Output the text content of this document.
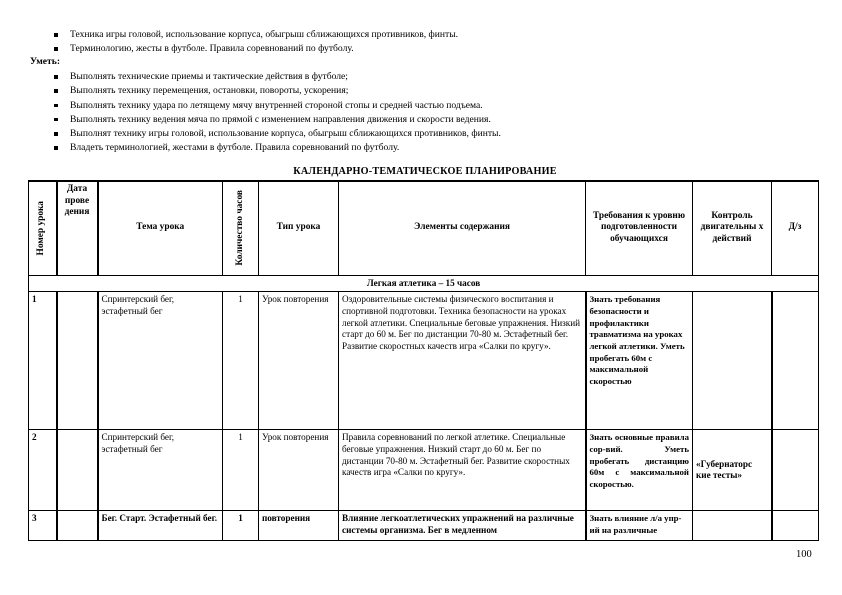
Техника игры головой, использование корпуса, обыгрыш сближающихся противников, финты.
Терминологию, жесты в футболе. Правила соревнований по футболу.
Уметь:
Выполнять технические приемы и тактические действия в футболе;
Выполнять технику перемещения, остановки, повороты, ускорения;
Выполнять технику удара по летящему мячу внутренней стороной стопы и средней частью подъема.
Выполнять технику ведения мяча по прямой с изменением направления движения и скорости ведения.
Выполнят технику игры головой, использование корпуса, обыгрыш сближающихся противников, финты.
Владеть терминологией, жестами в футболе. Правила соревнований по футболу.
КАЛЕНДАРНО-ТЕМАТИЧЕСКОЕ ПЛАНИРОВАНИЕ
Номер урока	Дата прове дения	Тема урока	Количество часов	Тип урока	Элементы содержания	Требования к уровню подготовленности обучающихся	Контроль двигательны х действий	Д/з
Легкая атлетика – 15 часов								
1		Спринтерский бег, эстафетный бег	1	Урок повторения	Оздоровительные системы физического воспитания и спортивной подготовки. Техника безопасности на уроках легкой атлетики. Специальные беговые упражнения. Низкий старт до 60 м. Бег по дистанции 70-80 м. Эстафетный бег. Развитие скоростных качеств игра «Салки по кругу».	Знать требования безопасности и профилактики травматизма на уроках легкой атлетики. Уметь пробегать 60м с максимальной скоростью		
2		Спринтерский бег, эстафетный бег	1	Урок повторения	Правила соревнований по легкой атлетике. Специальные беговые упражнения. Низкий старт до 60 м. Бег по дистанции 70-80 м. Эстафетный бег. Развитие скоростных качеств игра «Салки по кругу».	Знать основные правила сор-вий. Уметь пробегать дистанцию 60м с максимальной скоростью.	«Губернаторс кие тесты»	

3		Бег. Старт. Эстафетный бег.	1	повторения	Влияние легкоатлетических упражнений на различные системы организма. Бег в медленном	Знать влияние л/а упр-ий на различные		

100
